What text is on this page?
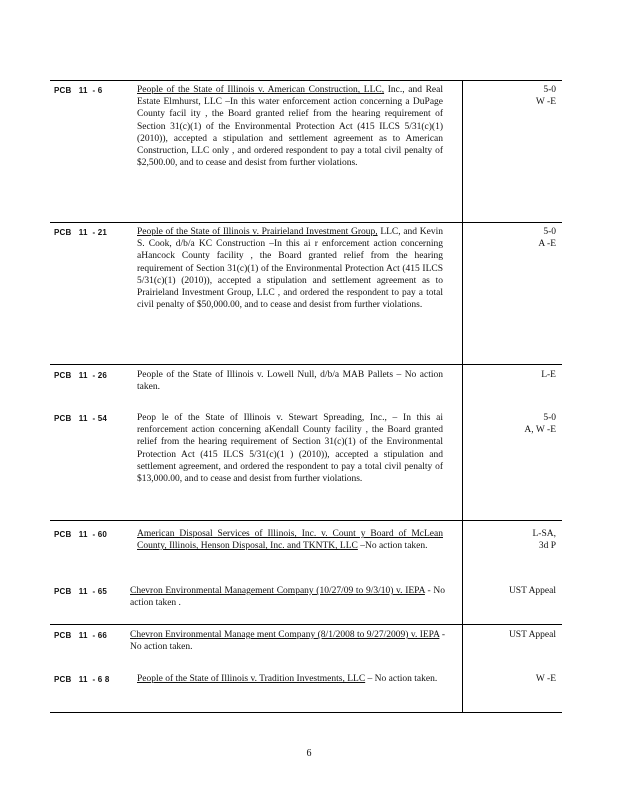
PCB   11  - 6	People of the State of Illinois v. American Construction, LLC, Inc., and Real Estate Elmhurst, LLC –In this water enforcement action concerning a DuPage County facil ity , the Board granted relief from the hearing requirement of Section 31(c)(1) of the Environmental Protection Act (415 ILCS 5/31(c)(1) (2010)), accepted a stipulation and settlement agreement as to American Construction, LLC only , and ordered respondent to pay a total civil penalty of $2,500.00, and to cease and desist from further violations.
5-0
W -E
PCB   11  - 21	People of the State of Illinois v. Prairieland Investment Group, LLC, and Kevin S. Cook, d/b/a KC Construction –In this ai r enforcement action concerning aHancock County facility , the Board granted relief from the hearing requirement of Section 31(c)(1) of the Environmental Protection Act (415 ILCS 5/31(c)(1) (2010)), accepted a stipulation and settlement agreement as to Prairieland Investment Group, LLC , and ordered the respondent to pay a total civil penalty of $50,000.00, and to cease and desist from further violations.
5-0
A -E
PCB   11  - 26	People of the State of Illinois v. Lowell Null, d/b/a MAB Pallets – No action taken.
L-E
PCB   11  - 54	Peop le of the State of Illinois v. Stewart Spreading, Inc., – In this ai renforcement action concerning aKendall County facility , the Board granted relief from the hearing requirement of Section 31(c)(1) of the Environmental Protection Act (415 ILCS 5/31(c)(1 ) (2010)), accepted a stipulation and settlement agreement, and ordered the respondent to pay a total civil penalty of $13,000.00, and to cease and desist from further violations.
5-0
A, W -E
PCB   11  - 60	American Disposal Services of Illinois, Inc. v. Count y Board of McLean County, Illinois, Henson Disposal, Inc. and TKNTK, LLC –No action taken.
L-SA,
3d P
PCB   11  - 65 Chevron Environmental Management Company (10/27/09 to 9/3/10) v. IEPA - No action taken .
UST Appeal
PCB   11  - 66 Chevron Environmental Manage ment Company (8/1/2008 to 9/27/2009) v. IEPA - No action taken.
UST Appeal
PCB   11  - 6 8	People of the State of Illinois v. Tradition Investments, LLC – No action taken.	W -E
6
